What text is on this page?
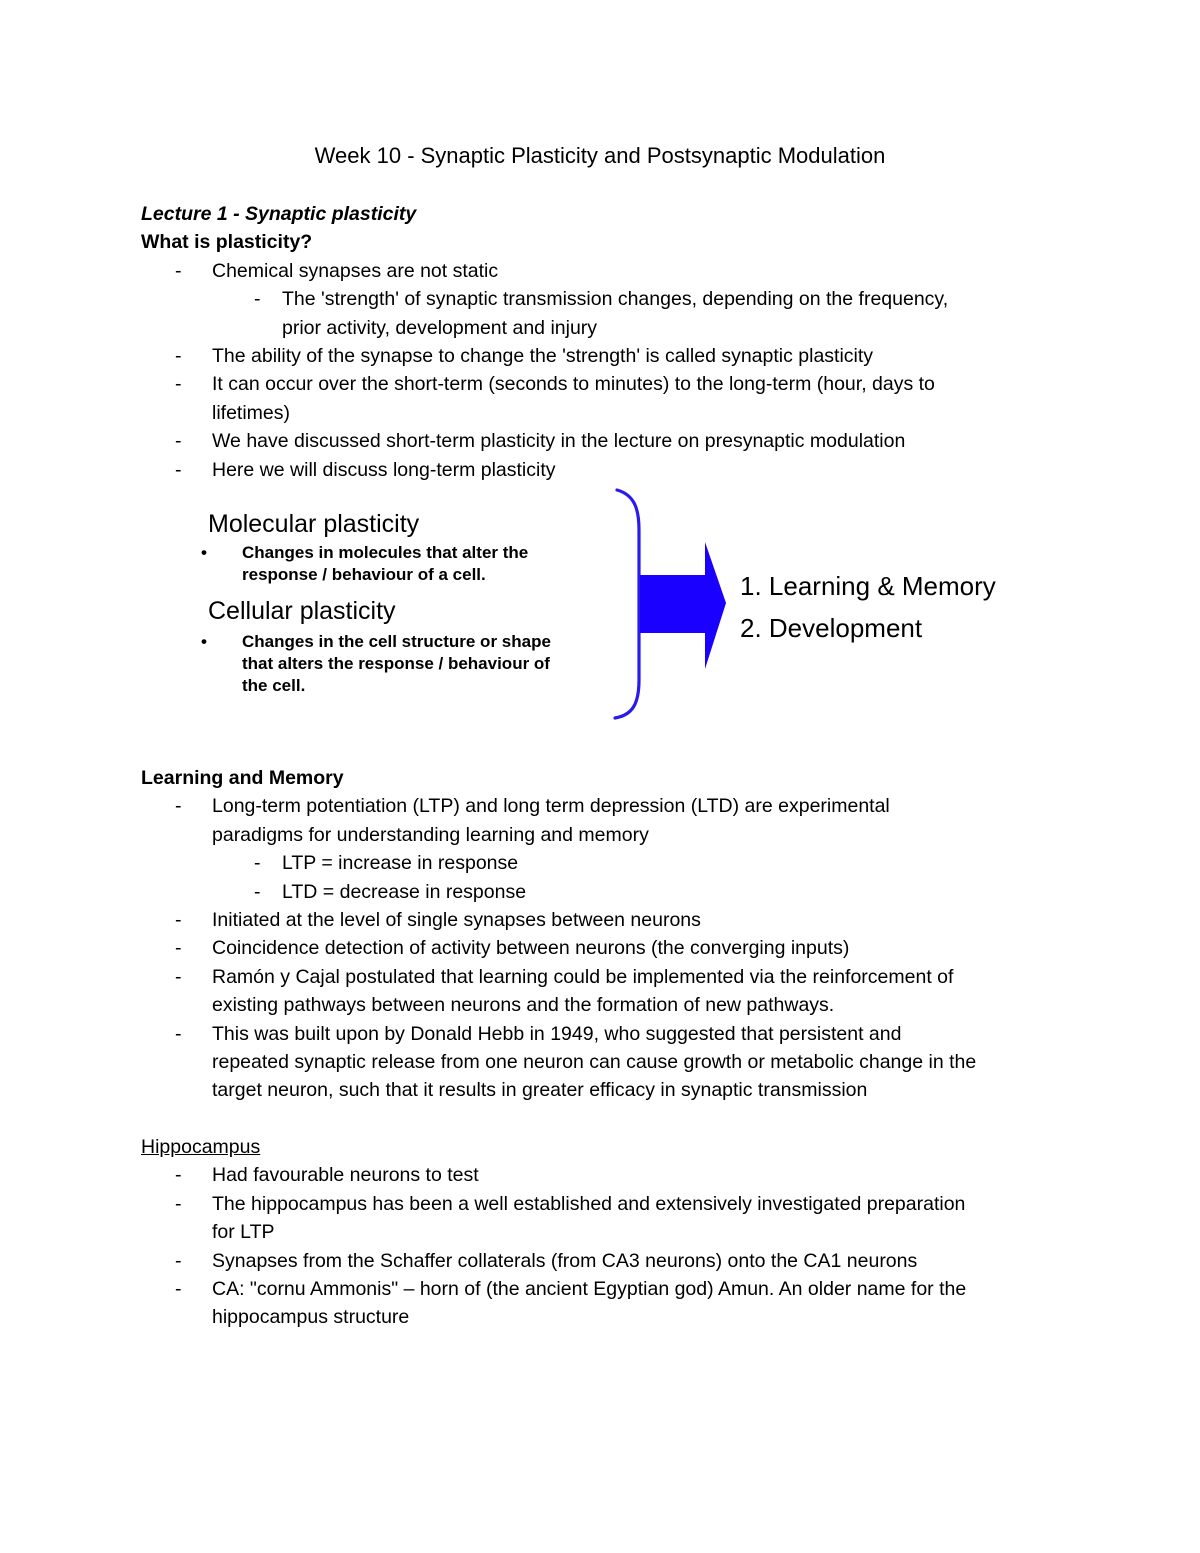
Week 10 - Synaptic Plasticity and Postsynaptic Modulation
Lecture 1 - Synaptic plasticity
What is plasticity?
- Chemical synapses are not static
- The 'strength' of synaptic transmission changes, depending on the frequency,
prior activity, development and injury
- The ability of the synapse to change the 'strength' is called synaptic plasticity
- It can occur over the short-term (seconds to minutes) to the long-term (hour, days to
lifetimes)
- We have discussed short-term plasticity in the lecture on presynaptic modulation
- Here we will discuss long-term plasticity
Molecular plasticity
• Changes in molecules that alter the
response / behaviour of a cell.
Cellular plasticity
• Changes in the cell structure or shape
that alters the response / behaviour of
the cell.
1. Learning & Memory
2. Development
Learning and Memory
- Long-term potentiation (LTP) and long term depression (LTD) are experimental
paradigms for understanding learning and memory
- LTP = increase in response
- LTD = decrease in response
- Initiated at the level of single synapses between neurons
- Coincidence detection of activity between neurons (the converging inputs)
- Ramón y Cajal postulated that learning could be implemented via the reinforcement of
existing pathways between neurons and the formation of new pathways.
- This was built upon by Donald Hebb in 1949, who suggested that persistent and
repeated synaptic release from one neuron can cause growth or metabolic change in the
target neuron, such that it results in greater efficacy in synaptic transmission
Hippocampus
- Had favourable neurons to test
- The hippocampus has been a well established and extensively investigated preparation
for LTP
- Synapses from the Schaffer collaterals (from CA3 neurons) onto the CA1 neurons
- CA: "cornu Ammonis" – horn of (the ancient Egyptian god) Amun. An older name for the
hippocampus structure
